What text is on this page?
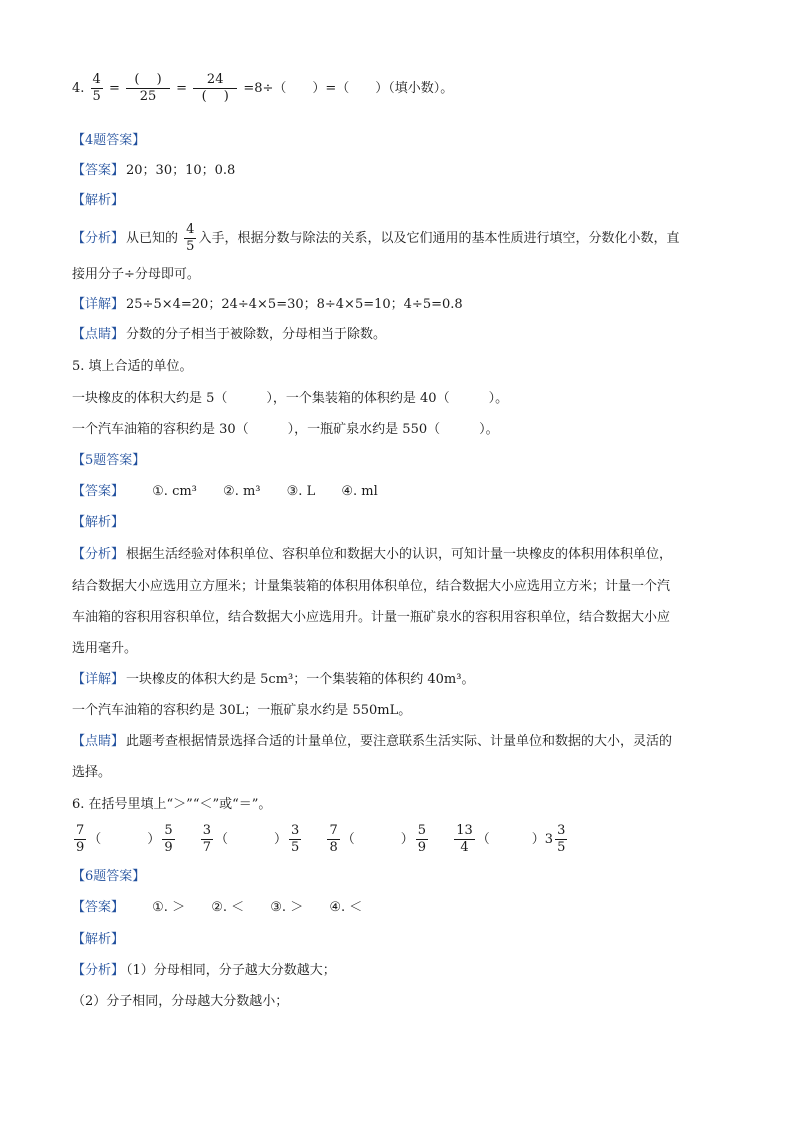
4. $\frac{4}{5} = \frac{( )}{25} = \frac{24}{( )} =8\div$（　　）=（　　）（填小数）。
【4题答案】
【答案】 20；30；10；0.8
【解析】
【分析】 从已知的 $\frac{4}{5}$ 入手，根据分数与除法的关系，以及它们通用的基本性质进行填空，分数化小数，直
接用分子÷分母即可。
【详解】 25÷5×4=20；24÷4×5=30；8÷4×5=10；4÷5=0.8
【点睛】 分数的分子相当于被除数，分母相当于除数。
5. 填上合适的单位。
一块橡皮的体积大约是 5（　　　），一个集装箱的体积约是 40（　　　）。
一个汽车油箱的容积约是 30（　　　），一瓶矿泉水约是 550（　　　）。
【5题答案】
【答案】 ①. cm³ ②. m³ ③. L ④. ml
【解析】
【分析】 根据生活经验对体积单位、容积单位和数据大小的认识，可知计量一块橡皮的体积用体积单位，
结合数据大小应选用立方厘米；计量集装箱的体积用体积单位，结合数据大小应选用立方米；计量一个汽
车油箱的容积用容积单位，结合数据大小应选用升。计量一瓶矿泉水的容积用容积单位，结合数据大小应
选用毫升。
【详解】 一块橡皮的体积大约是 5cm³；一个集装箱的体积约 40m³。
一个汽车油箱的容积约是 30L；一瓶矿泉水约是 550mL。
【点睛】 此题考查根据情景选择合适的计量单位，要注意联系生活实际、计量单位和数据的大小，灵活的
选择。
6. 在括号里填上“＞”“＜”或“＝”。
$\frac{7}{9}$ （	） $\frac{5}{9}$
$\frac{3}{7}$ （	） $\frac{3}{5}$
$\frac{7}{8}$ （	） $\frac{5}{9}$
$\frac{13}{4}$ （	） $3 \frac{3}{5}$
【6题答案】
【答案】 ①. ＞ ②. ＜ ③. ＞ ④. ＜
【解析】
【分析】 （1）分母相同，分子越大分数越大；
（2）分子相同，分母越大分数越小；
